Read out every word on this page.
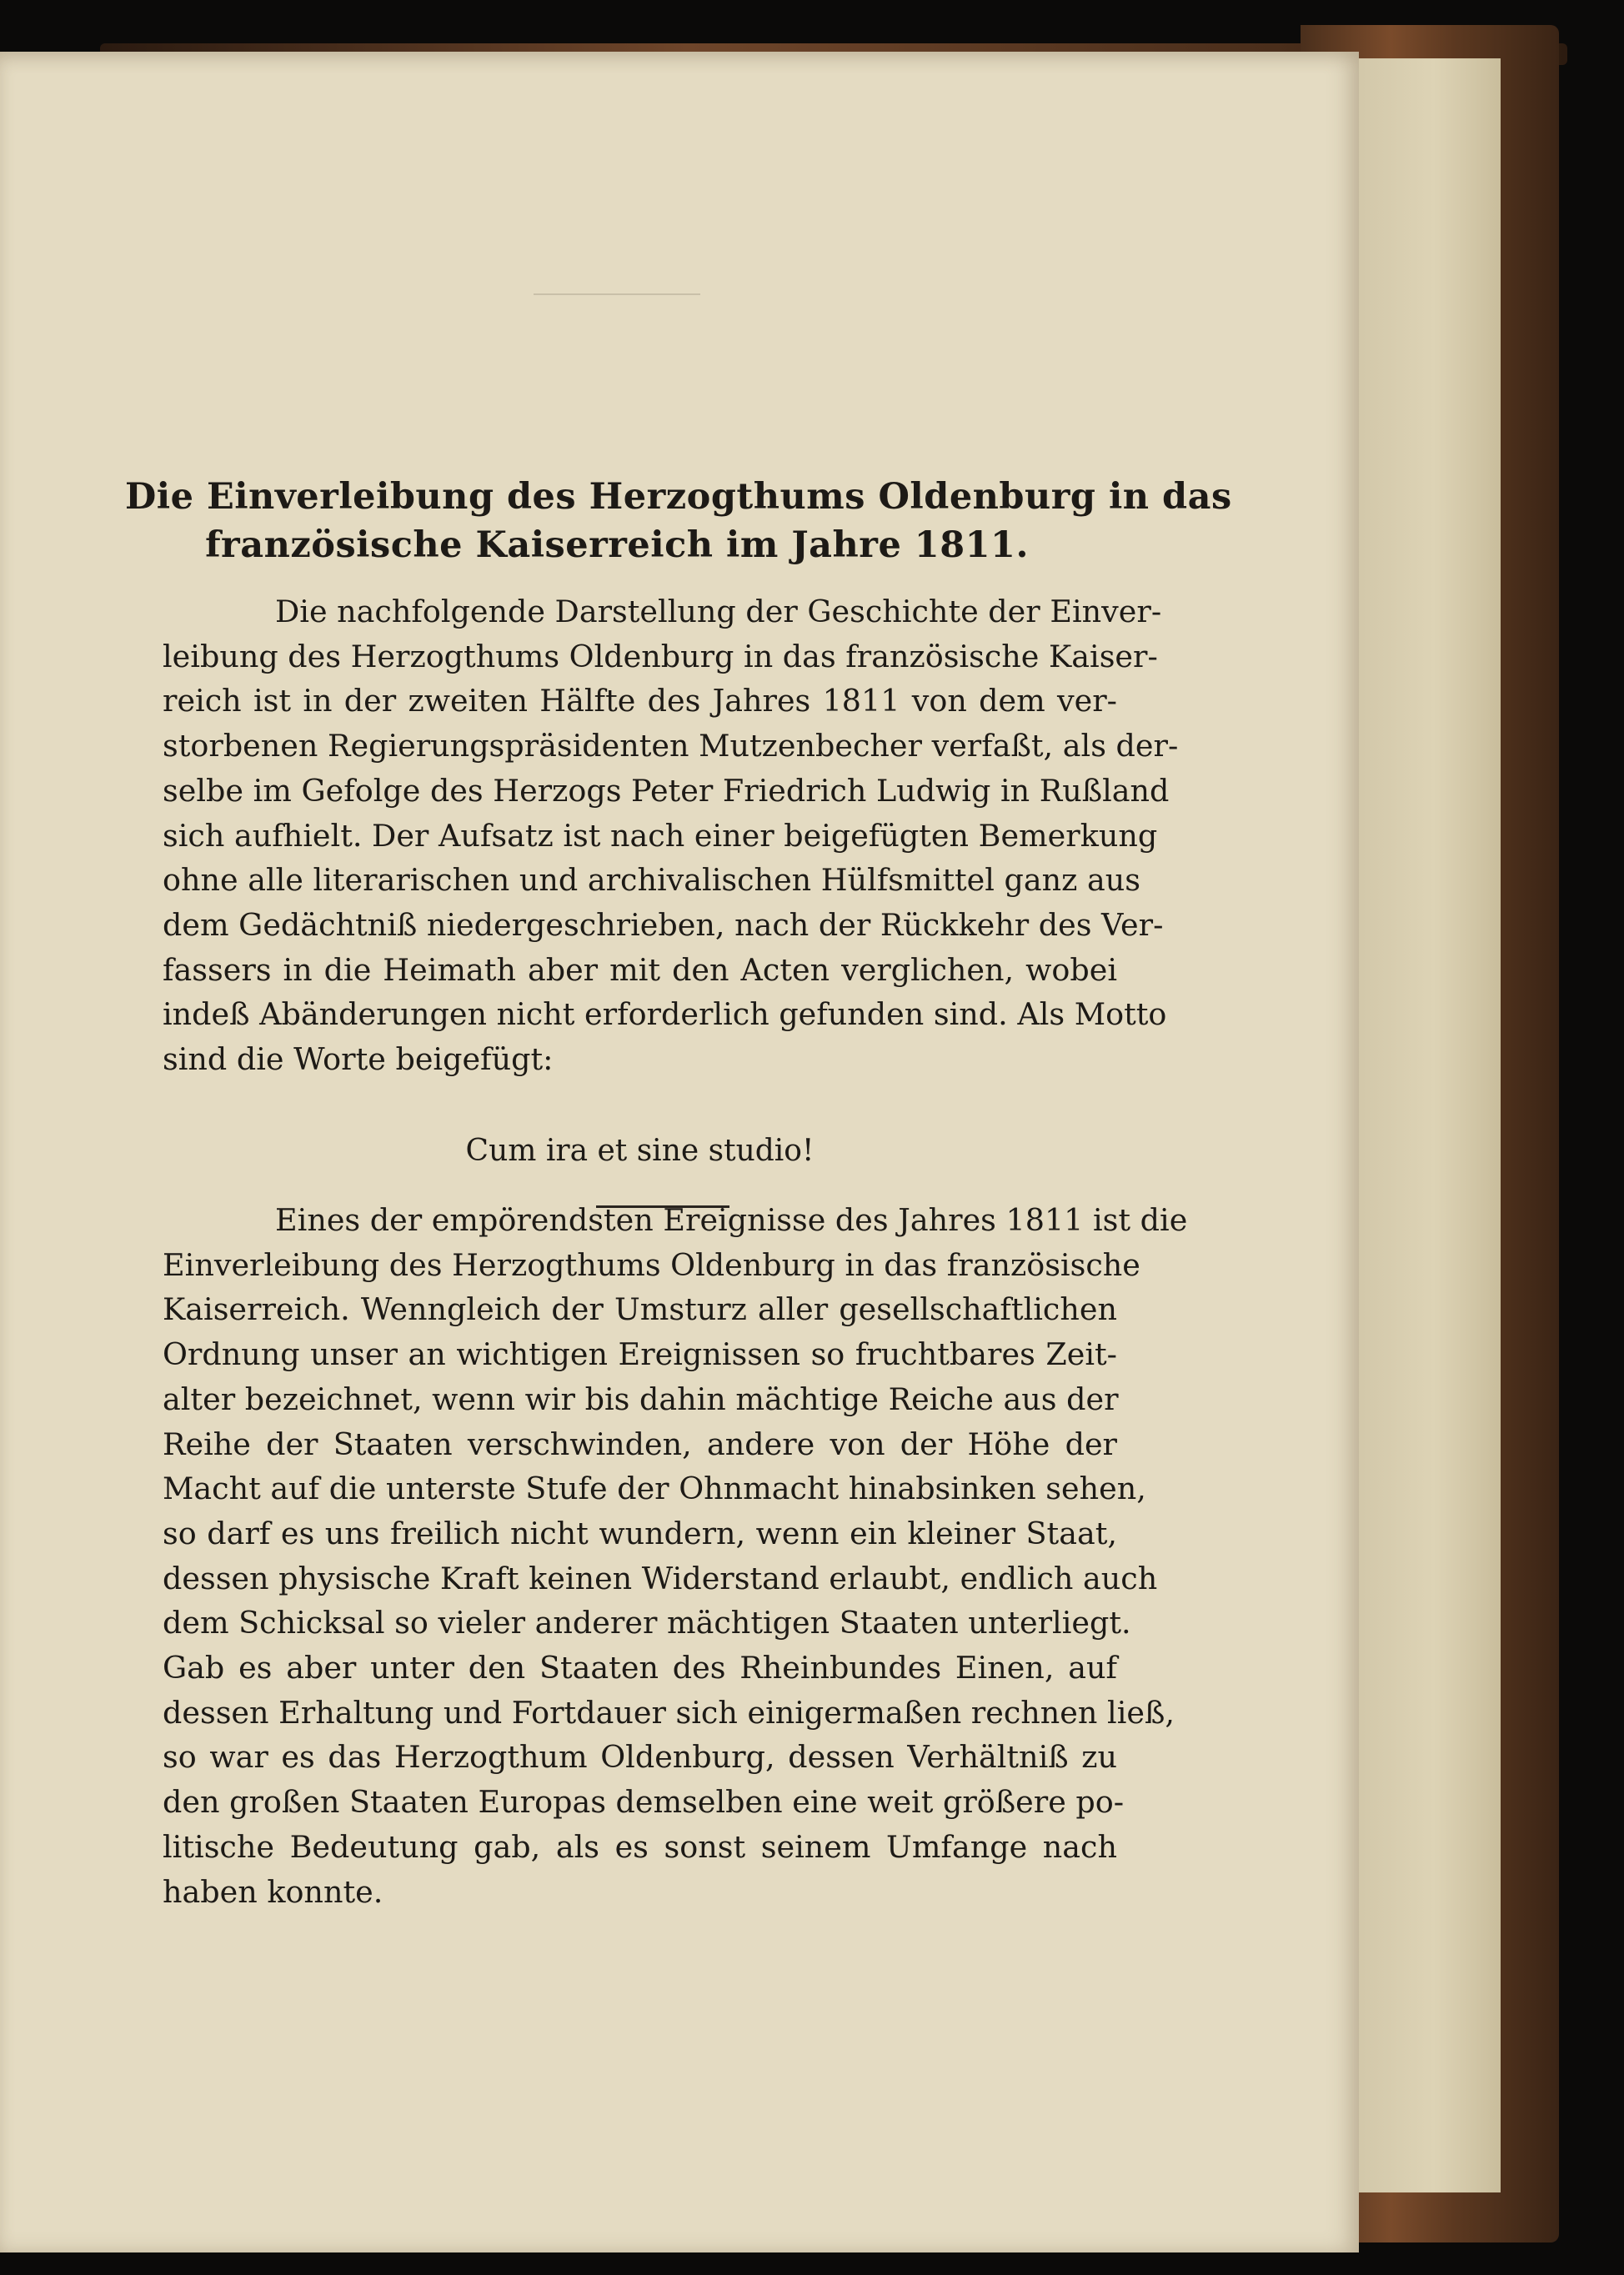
Die Einverleibung des Herzogthums Oldenburg in das
französische Kaiserreich im Jahre 1811.
Die nachfolgende Darstellung der Geschichte der Einver-
leibung des Herzogthums Oldenburg in das französische Kaiser-
reich ist in der zweiten Hälfte des Jahres 1811 von dem ver-
storbenen Regierungspräsidenten Mutzenbecher verfaßt, als der-
selbe im Gefolge des Herzogs Peter Friedrich Ludwig in Rußland
sich aufhielt. Der Aufsatz ist nach einer beigefügten Bemerkung
ohne alle literarischen und archivalischen Hülfsmittel ganz aus
dem Gedächtniß niedergeschrieben, nach der Rückkehr des Ver-
fassers in die Heimath aber mit den Acten verglichen, wobei
indeß Abänderungen nicht erforderlich gefunden sind. Als Motto
sind die Worte beigefügt:
Cum ira et sine studio!
Eines der empörendsten Ereignisse des Jahres 1811 ist die
Einverleibung des Herzogthums Oldenburg in das französische
Kaiserreich. Wenngleich der Umsturz aller gesellschaftlichen
Ordnung unser an wichtigen Ereignissen so fruchtbares Zeit-
alter bezeichnet, wenn wir bis dahin mächtige Reiche aus der
Reihe der Staaten verschwinden, andere von der Höhe der
Macht auf die unterste Stufe der Ohnmacht hinabsinken sehen,
so darf es uns freilich nicht wundern, wenn ein kleiner Staat,
dessen physische Kraft keinen Widerstand erlaubt, endlich auch
dem Schicksal so vieler anderer mächtigen Staaten unterliegt.
Gab es aber unter den Staaten des Rheinbundes Einen, auf
dessen Erhaltung und Fortdauer sich einigermaßen rechnen ließ,
so war es das Herzogthum Oldenburg, dessen Verhältniß zu
den großen Staaten Europas demselben eine weit größere po-
litische Bedeutung gab, als es sonst seinem Umfange nach
haben konnte.
